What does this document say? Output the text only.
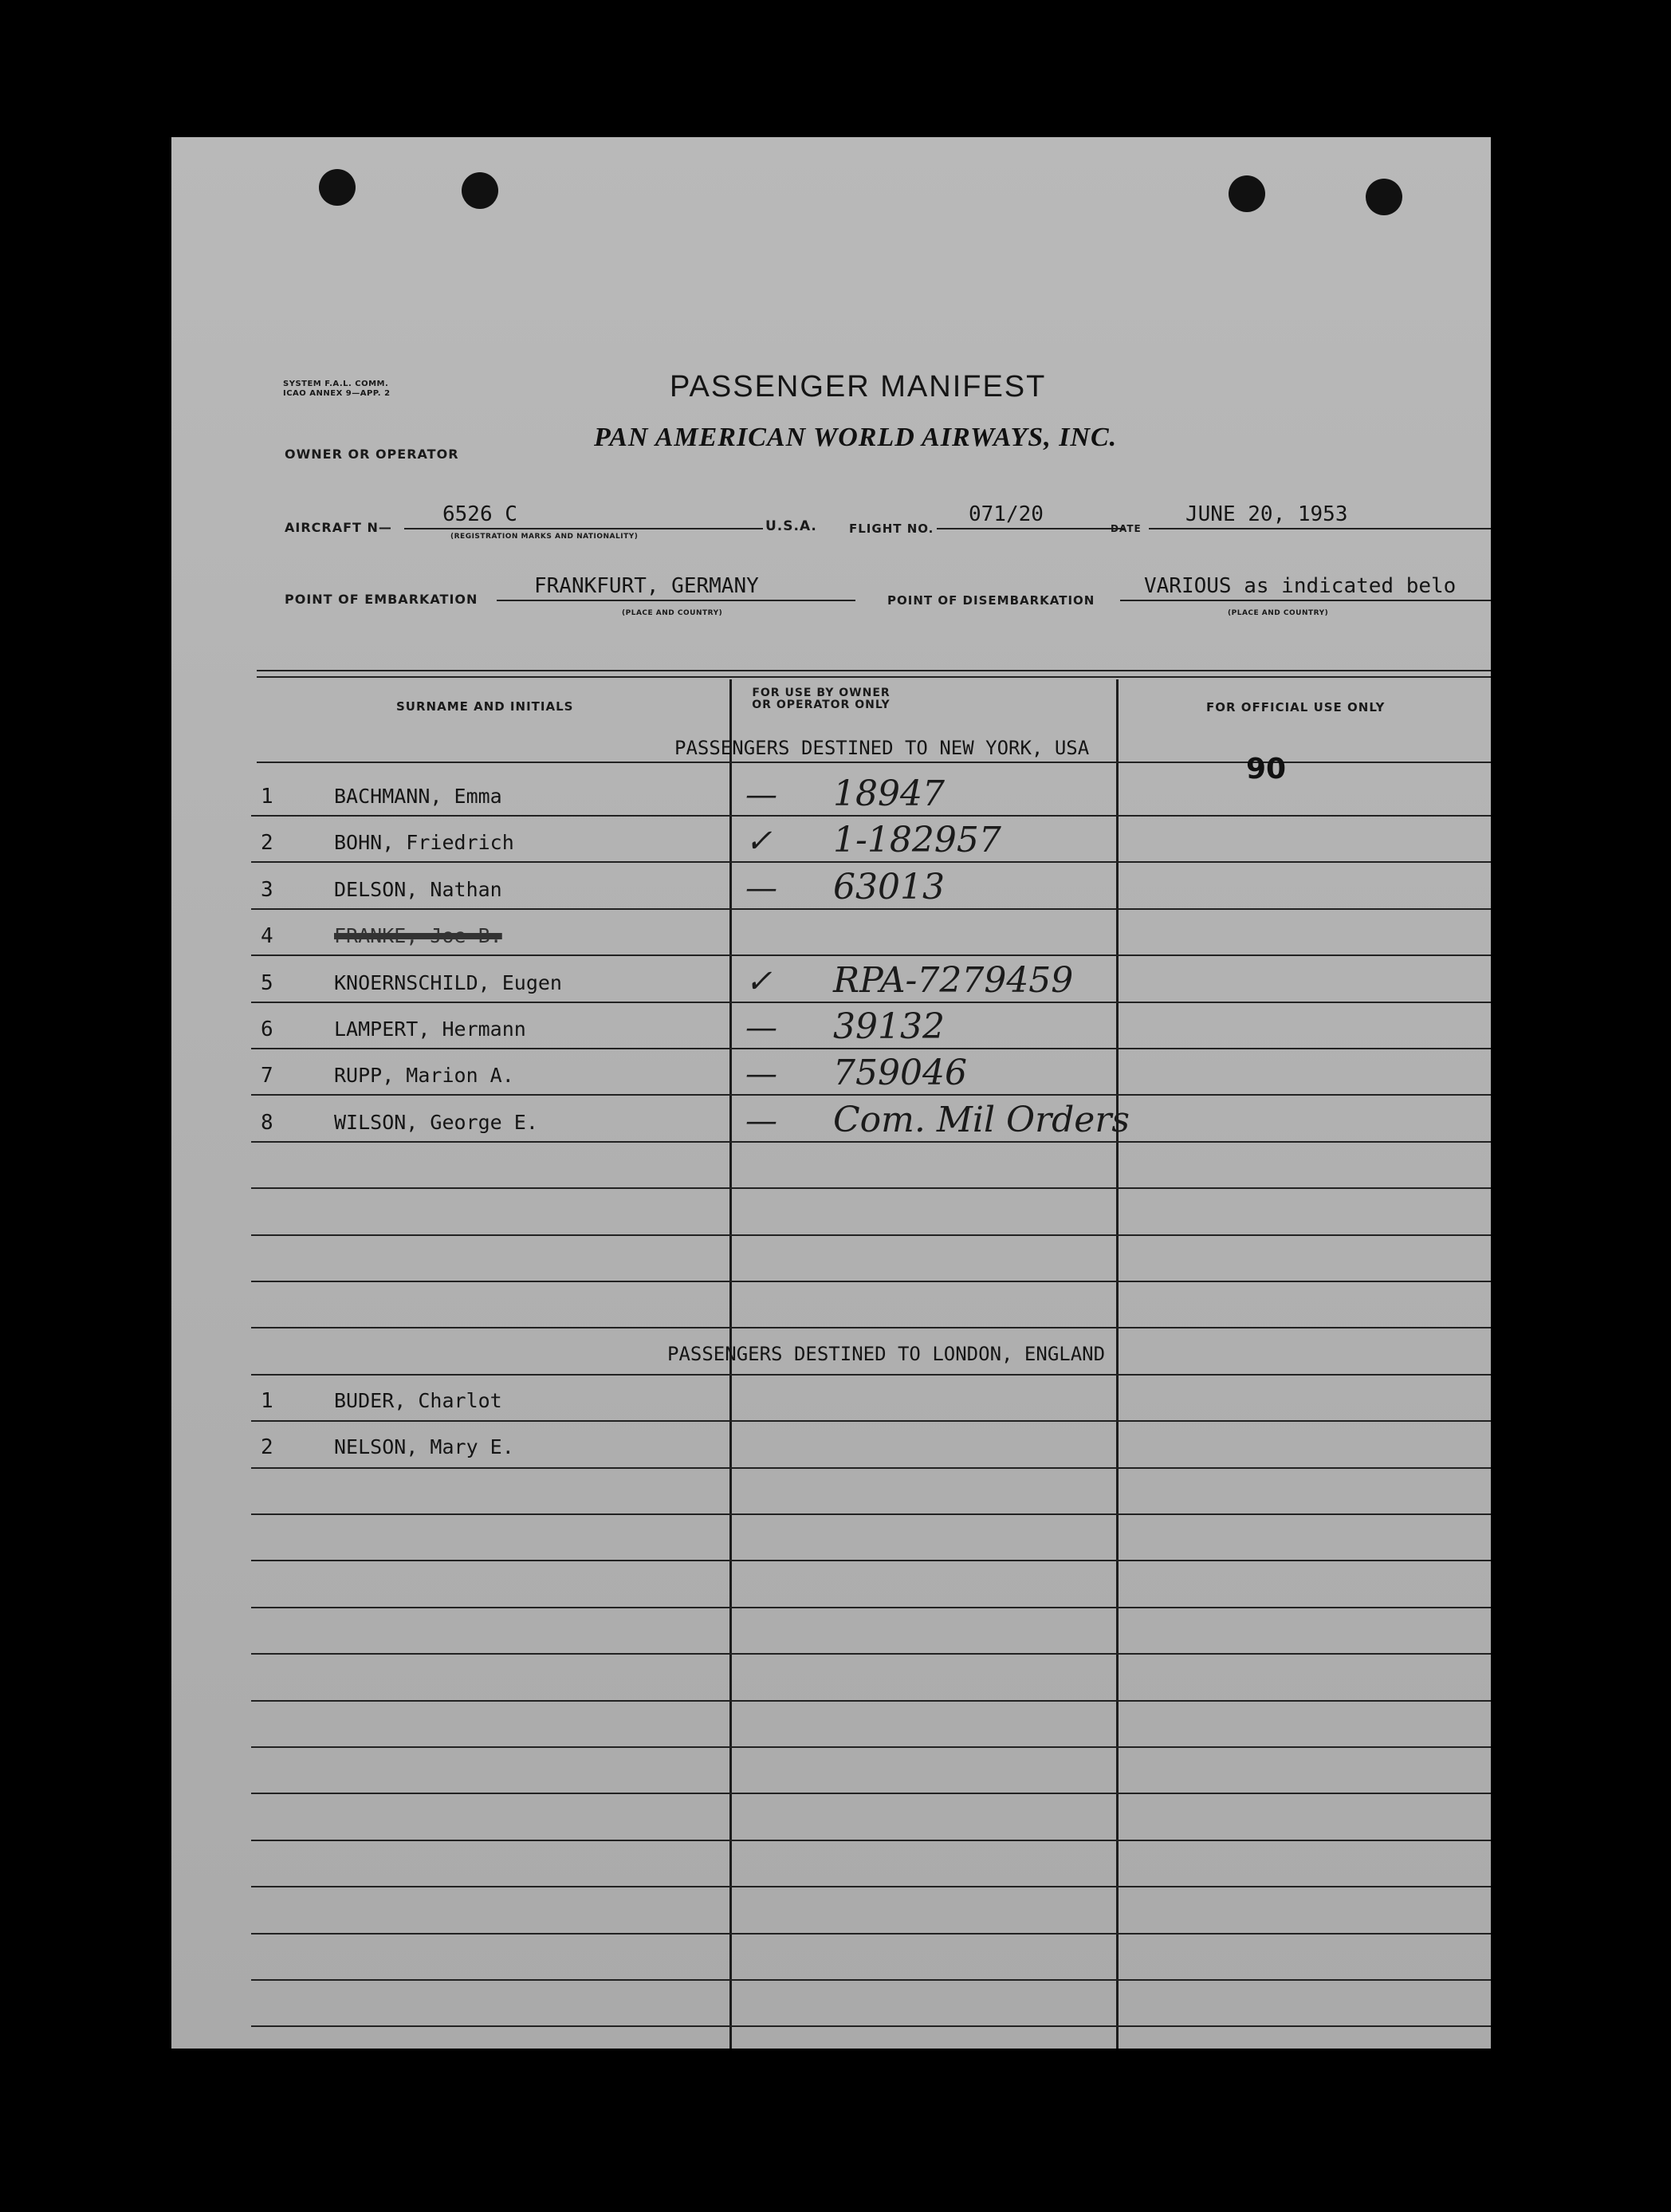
SYSTEM F.A.L. COMM.
ICAO ANNEX 9—APP. 2	PASSENGER MANIFEST
OWNER OR OPERATOR
PAN AMERICAN WORLD AIRWAYS, INC.
AIRCRAFT N—
6526 C
(REGISTRATION MARKS AND NATIONALITY)
U.S.A.	FLIGHT NO.
071/20
DATE
JUNE 20, 1953
POINT OF EMBARKATION
FRANKFURT, GERMANY
(PLACE AND COUNTRY)
POINT OF DISEMBARKATION
VARIOUS as indicated belo
(PLACE AND COUNTRY)
SURNAME AND INITIALS
FOR USE BY OWNER
OR OPERATOR ONLY	FOR OFFICIAL USE ONLY
PASSENGERS DESTINED TO NEW YORK, USA
90
1	BACHMANN, Emma	— 18947
2	BOHN, Friedrich	✓ 1-182957
3	DELSON, Nathan	— 63013
4	FRANKE, Joe B.
5	KNOERNSCHILD, Eugen	✓ RPA-7279459
6	LAMPERT, Hermann	— 39132
7	RUPP, Marion A.	— 759046
8	WILSON, George E.	— Com. Mil Orders
PASSENGERS DESTINED TO LONDON, ENGLAND
1	BUDER, Charlot
2	NELSON, Mary E.
